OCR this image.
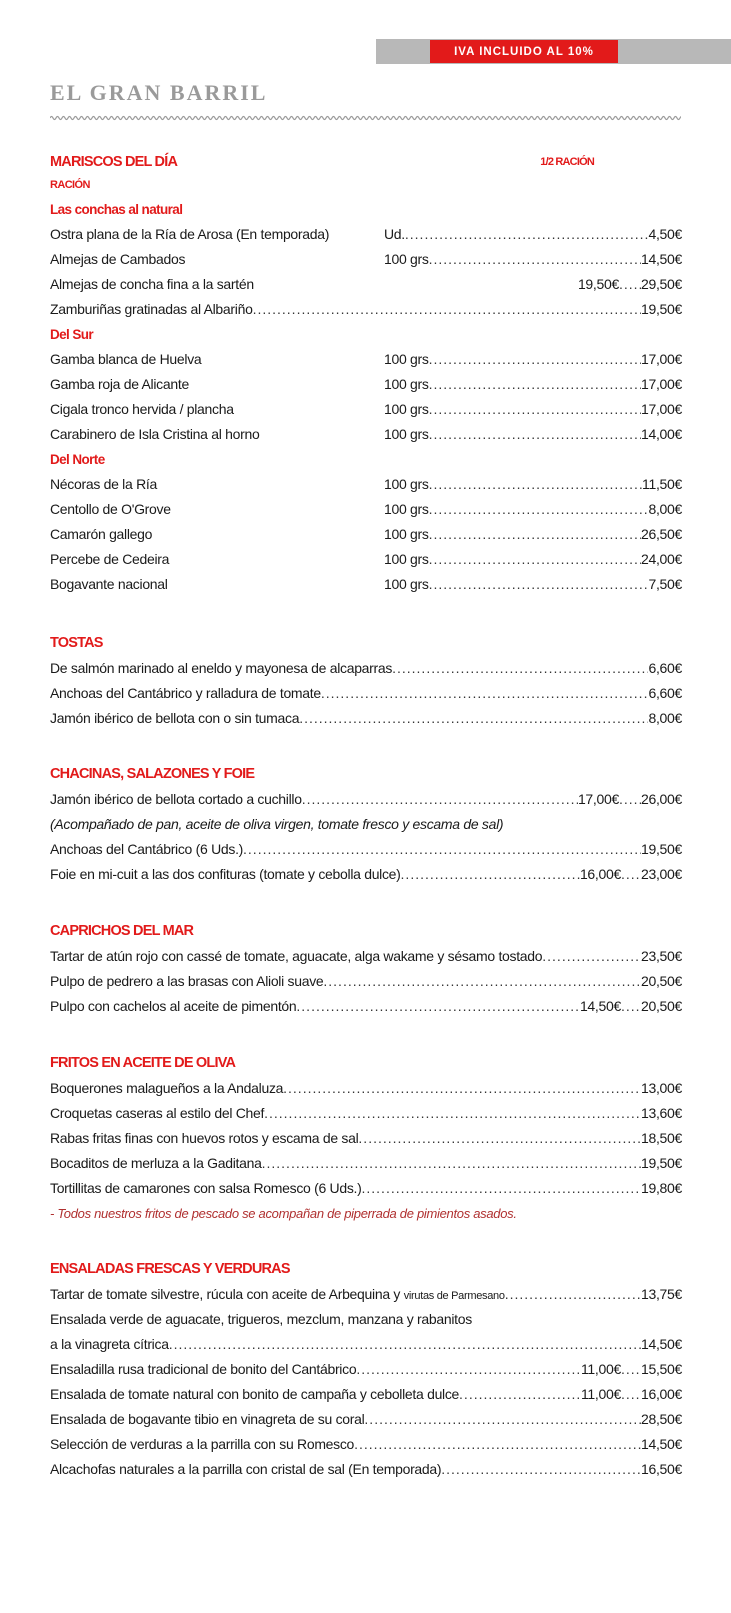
IVA INCLUIDO AL 10%
EL GRAN BARRIL
MARISCOS DEL DÍA	1/2 RACIÓN
RACIÓN
Las conchas al natural
Ostra plana de la Ría de Arosa (En temporada)	Ud. .....	4,50€
Almejas de Cambados	100 grs .....	14,50€
Almejas de concha fina a la sartén	19,50€ ..... 29,50€
Zamburiñas gratinadas al Albariño .....	19,50€
Del Sur
Gamba blanca de Huelva	100 grs .....	17,00€
Gamba roja de Alicante	100 grs .....	17,00€
Cigala tronco hervida / plancha	100 grs .....	17,00€
Carabinero de Isla Cristina al horno	100 grs .....	14,00€
Del Norte
Nécoras de la Ría	100 grs .....	11,50€
Centollo de O'Grove	100 grs .....	8,00€
Camarón gallego	100 grs .....	26,50€
Percebe de Cedeira	100 grs .....	24,00€
Bogavante nacional	100 grs .....	7,50€
TOSTAS
De salmón marinado al eneldo y mayonesa de alcaparras .....	6,60€
Anchoas del Cantábrico y ralladura de tomate .....	6,60€
Jamón ibérico de bellota con o sin tumaca .....	8,00€
CHACINAS, SALAZONES Y FOIE
Jamón ibérico de bellota cortado a cuchillo .....	17,00€ ..... 26,00€
(Acompañado de pan, aceite de oliva virgen, tomate fresco y escama de sal)
Anchoas del Cantábrico (6 Uds.) .....	19,50€
Foie en mi-cuit a las dos confituras (tomate y cebolla dulce) .....	16,00€ ..... 23,00€
CAPRICHOS DEL MAR
Tartar de atún rojo con cassé de tomate, aguacate, alga wakame y sésamo tostado .....	23,50€
Pulpo de pedrero a las brasas con Alioli suave .....	20,50€
Pulpo con cachelos al aceite de pimentón .....	14,50€ ..... 20,50€
FRITOS EN ACEITE DE OLIVA
Boquerones malagueños a la Andaluza .....	13,00€
Croquetas caseras al estilo del Chef .....	13,60€
Rabas fritas finas con huevos rotos y escama de sal .....	18,50€
Bocaditos de merluza a la Gaditana .....	19,50€
Tortillitas de camarones con salsa Romesco (6 Uds.) .....	19,80€
- Todos nuestros fritos de pescado se acompañan de piperrada de pimientos asados.
ENSALADAS FRESCAS Y VERDURAS
Tartar de tomate silvestre, rúcula con aceite de Arbequina y virutas de Parmesano .....	13,75€
Ensalada verde de aguacate, trigueros, mezclum, manzana y rabanitos
a la vinagreta cítrica .....	14,50€
Ensaladilla rusa tradicional de bonito del Cantábrico .....	11,00€ ..... 15,50€
Ensalada de tomate natural con bonito de campaña y cebolleta dulce .....	11,00€ ..... 16,00€
Ensalada de bogavante tibio en vinagreta de su coral .....	28,50€
Selección de verduras a la parrilla con su Romesco .....	14,50€
Alcachofas naturales a la parrilla con cristal de sal (En temporada) .....	16,50€
